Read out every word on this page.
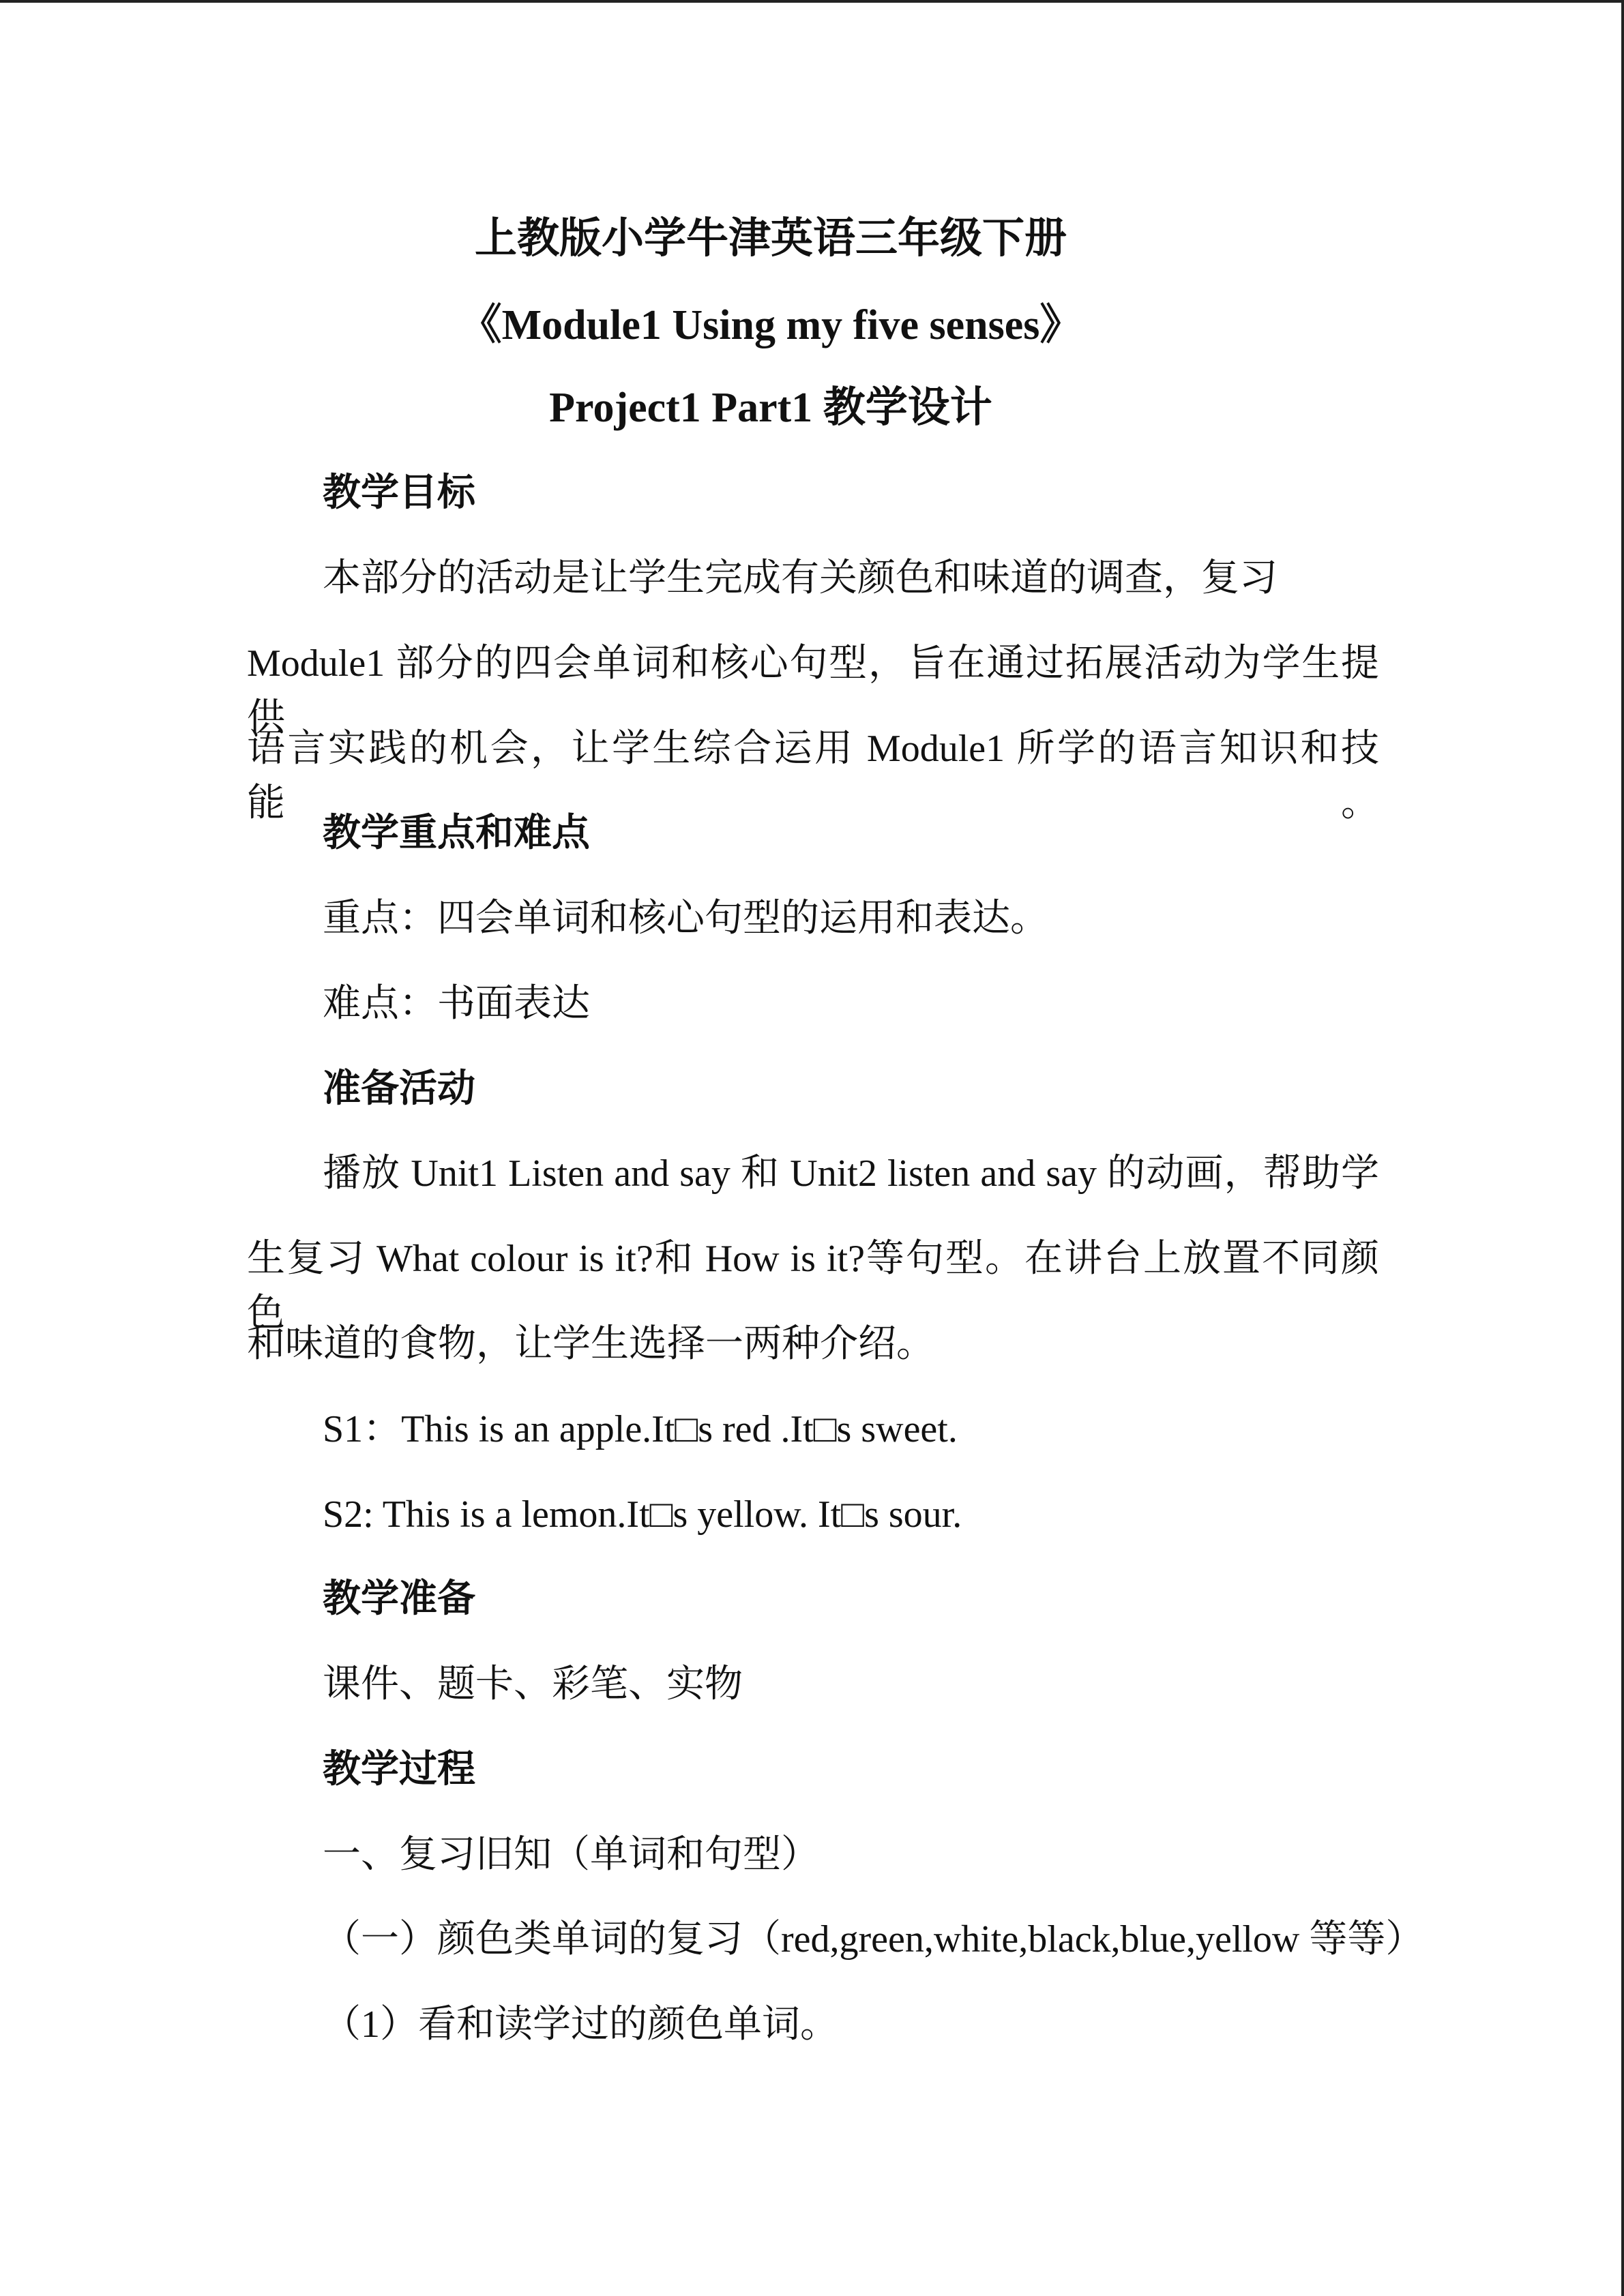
上教版小学牛津英语三年级下册
《Module1 Using my five senses》
Project1 Part1 教学设计
教学目标
本部分的活动是让学生完成有关颜色和味道的调查，复习
Module1 部分的四会单词和核心句型，旨在通过拓展活动为学生提供
语言实践的机会，让学生综合运用 Module1 所学的语言知识和技能。
教学重点和难点
重点：四会单词和核心句型的运用和表达。
难点：书面表达
准备活动
播放 Unit1 Listen and say 和 Unit2 listen and say 的动画，帮助学
生复习 What colour is it?和 How is it?等句型。在讲台上放置不同颜色
和味道的食物，让学生选择一两种介绍。
S1：This is an apple.It□s red .It□s sweet.
S2: This is a lemon.It□s yellow. It□s sour.
教学准备
课件、题卡、彩笔、实物
教学过程
一、复习旧知（单词和句型）
（一）颜色类单词的复习（red,green,white,black,blue,yellow 等等）
（1）看和读学过的颜色单词。
